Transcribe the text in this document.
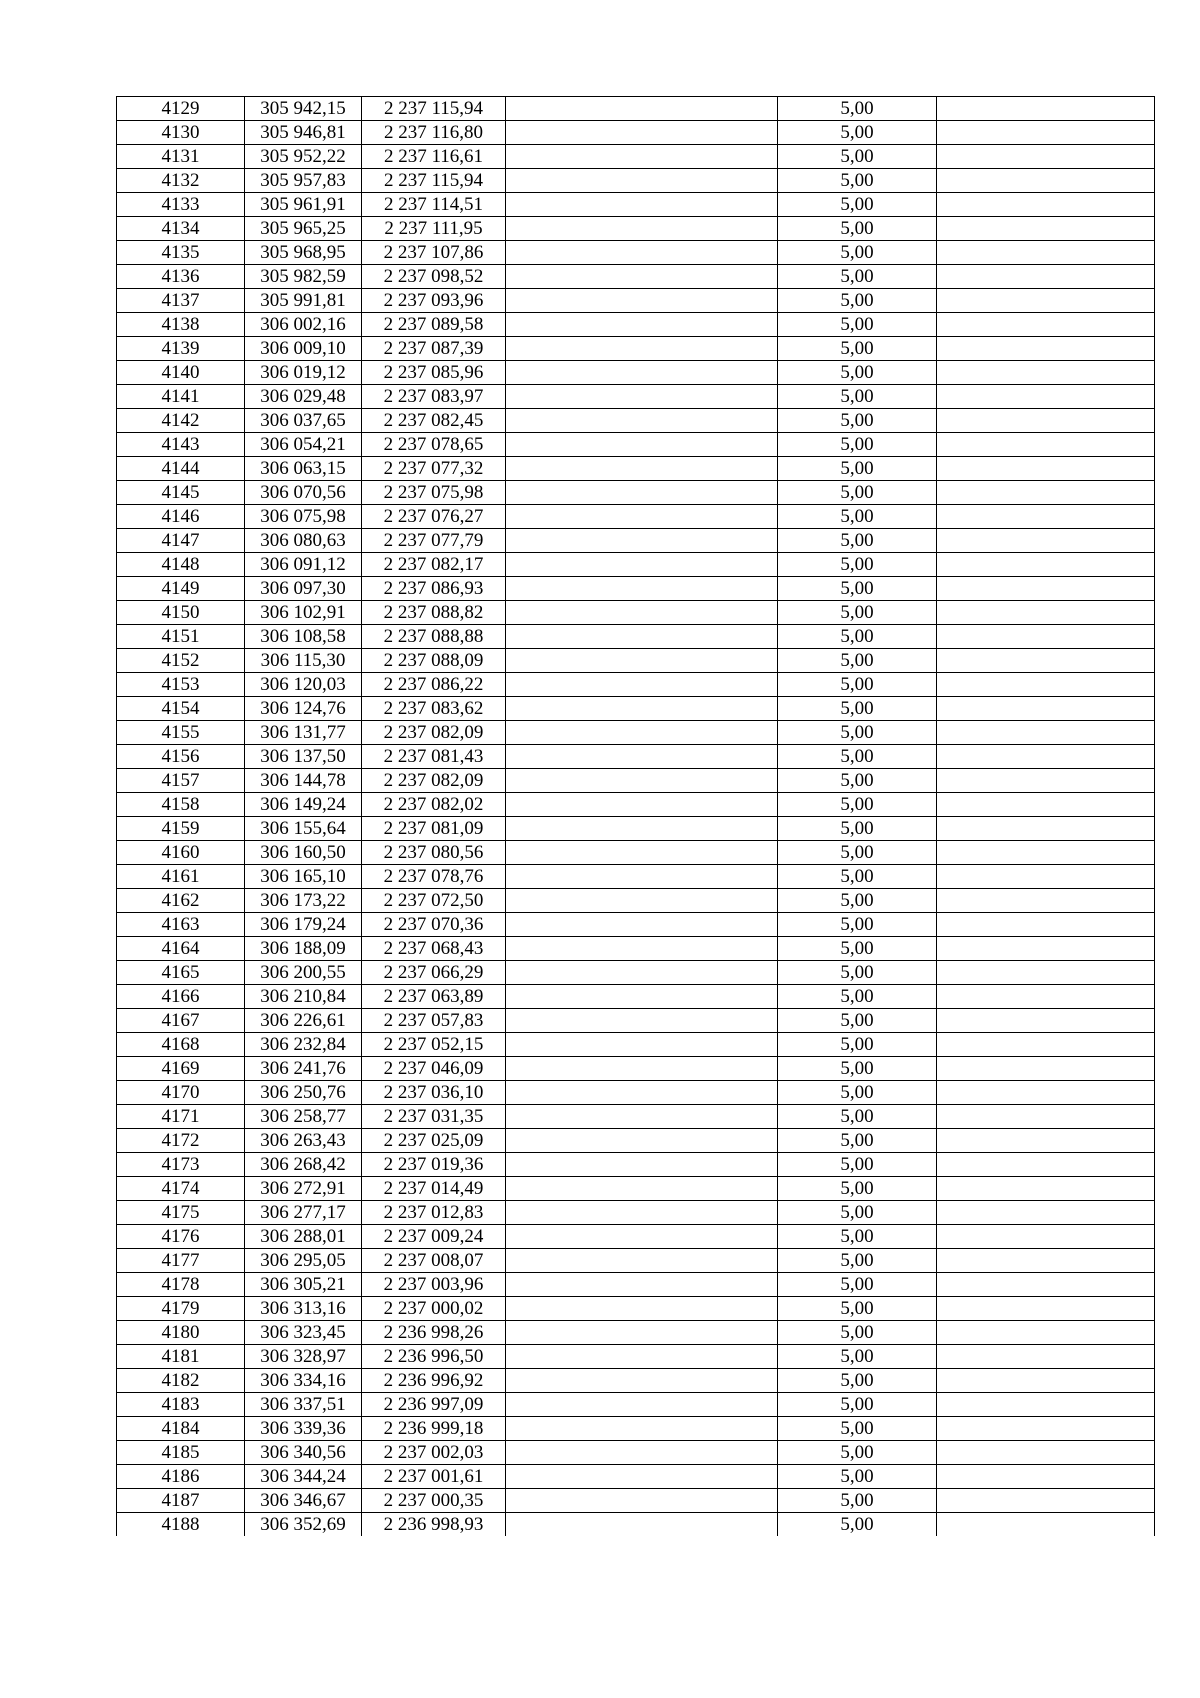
4129	305 942,15	2 237 115,94		5,00	
4130	305 946,81	2 237 116,80		5,00	
4131	305 952,22	2 237 116,61		5,00	
4132	305 957,83	2 237 115,94		5,00	
4133	305 961,91	2 237 114,51		5,00	
4134	305 965,25	2 237 111,95		5,00	
4135	305 968,95	2 237 107,86		5,00	
4136	305 982,59	2 237 098,52		5,00	
4137	305 991,81	2 237 093,96		5,00	
4138	306 002,16	2 237 089,58		5,00	
4139	306 009,10	2 237 087,39		5,00	
4140	306 019,12	2 237 085,96		5,00	
4141	306 029,48	2 237 083,97		5,00	
4142	306 037,65	2 237 082,45		5,00	
4143	306 054,21	2 237 078,65		5,00	
4144	306 063,15	2 237 077,32		5,00	
4145	306 070,56	2 237 075,98		5,00	
4146	306 075,98	2 237 076,27		5,00	
4147	306 080,63	2 237 077,79		5,00	
4148	306 091,12	2 237 082,17		5,00	
4149	306 097,30	2 237 086,93		5,00	
4150	306 102,91	2 237 088,82		5,00	
4151	306 108,58	2 237 088,88		5,00	
4152	306 115,30	2 237 088,09		5,00	
4153	306 120,03	2 237 086,22		5,00	
4154	306 124,76	2 237 083,62		5,00	
4155	306 131,77	2 237 082,09		5,00	
4156	306 137,50	2 237 081,43		5,00	
4157	306 144,78	2 237 082,09		5,00	
4158	306 149,24	2 237 082,02		5,00	
4159	306 155,64	2 237 081,09		5,00	
4160	306 160,50	2 237 080,56		5,00	
4161	306 165,10	2 237 078,76		5,00	
4162	306 173,22	2 237 072,50		5,00	
4163	306 179,24	2 237 070,36		5,00	
4164	306 188,09	2 237 068,43		5,00	
4165	306 200,55	2 237 066,29		5,00	
4166	306 210,84	2 237 063,89		5,00	
4167	306 226,61	2 237 057,83		5,00	
4168	306 232,84	2 237 052,15		5,00	
4169	306 241,76	2 237 046,09		5,00	
4170	306 250,76	2 237 036,10		5,00	
4171	306 258,77	2 237 031,35		5,00	
4172	306 263,43	2 237 025,09		5,00	
4173	306 268,42	2 237 019,36		5,00	
4174	306 272,91	2 237 014,49		5,00	
4175	306 277,17	2 237 012,83		5,00	
4176	306 288,01	2 237 009,24		5,00	
4177	306 295,05	2 237 008,07		5,00	
4178	306 305,21	2 237 003,96		5,00	
4179	306 313,16	2 237 000,02		5,00	
4180	306 323,45	2 236 998,26		5,00	
4181	306 328,97	2 236 996,50		5,00	
4182	306 334,16	2 236 996,92		5,00	
4183	306 337,51	2 236 997,09		5,00	
4184	306 339,36	2 236 999,18		5,00	
4185	306 340,56	2 237 002,03		5,00	
4186	306 344,24	2 237 001,61		5,00	
4187	306 346,67	2 237 000,35		5,00	
4188	306 352,69	2 236 998,93		5,00	
